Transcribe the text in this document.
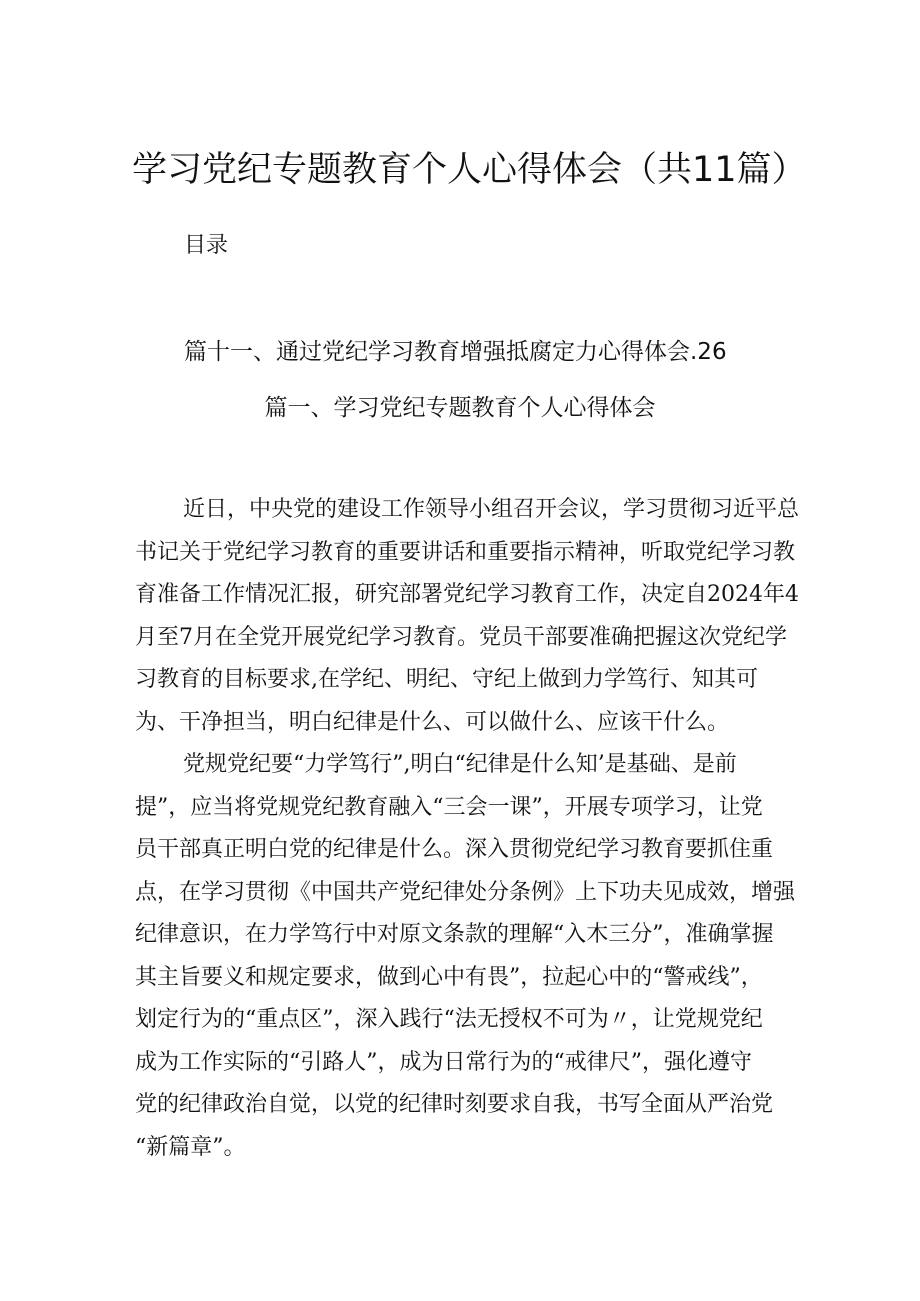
学习党纪专题教育个人心得体会（共11篇）
目录
篇十一、通过党纪学习教育增强抵腐定力心得体会.26
篇一、学习党纪专题教育个人心得体会
近日，中央党的建设工作领导小组召开会议，学习贯彻习近平总
书记关于党纪学习教育的重要讲话和重要指示精神，听取党纪学习教
育准备工作情况汇报，研究部署党纪学习教育工作，决定自2024年4
月至7月在全党开展党纪学习教育。党员干部要准确把握这次党纪学
习教育的目标要求,在学纪、明纪、守纪上做到力学笃行、知其可
为、干净担当，明白纪律是什么、可以做什么、应该干什么。
党规党纪要“力学笃行”,明白“纪律是什么知’是基础、是前
提”，应当将党规党纪教育融入“三会一课”，开展专项学习，让党
员干部真正明白党的纪律是什么。深入贯彻党纪学习教育要抓住重
点，在学习贯彻《中国共产党纪律处分条例》上下功夫见成效，增强
纪律意识，在力学笃行中对原文条款的理解“入木三分”，准确掌握
其主旨要义和规定要求，做到心中有畏”，拉起心中的“警戒线”，
划定行为的“重点区”，深入践行“法无授权不可为〃，让党规党纪
成为工作实际的“引路人”，成为日常行为的“戒律尺”，强化遵守
党的纪律政治自觉，以党的纪律时刻要求自我，书写全面从严治党
“新篇章”。
